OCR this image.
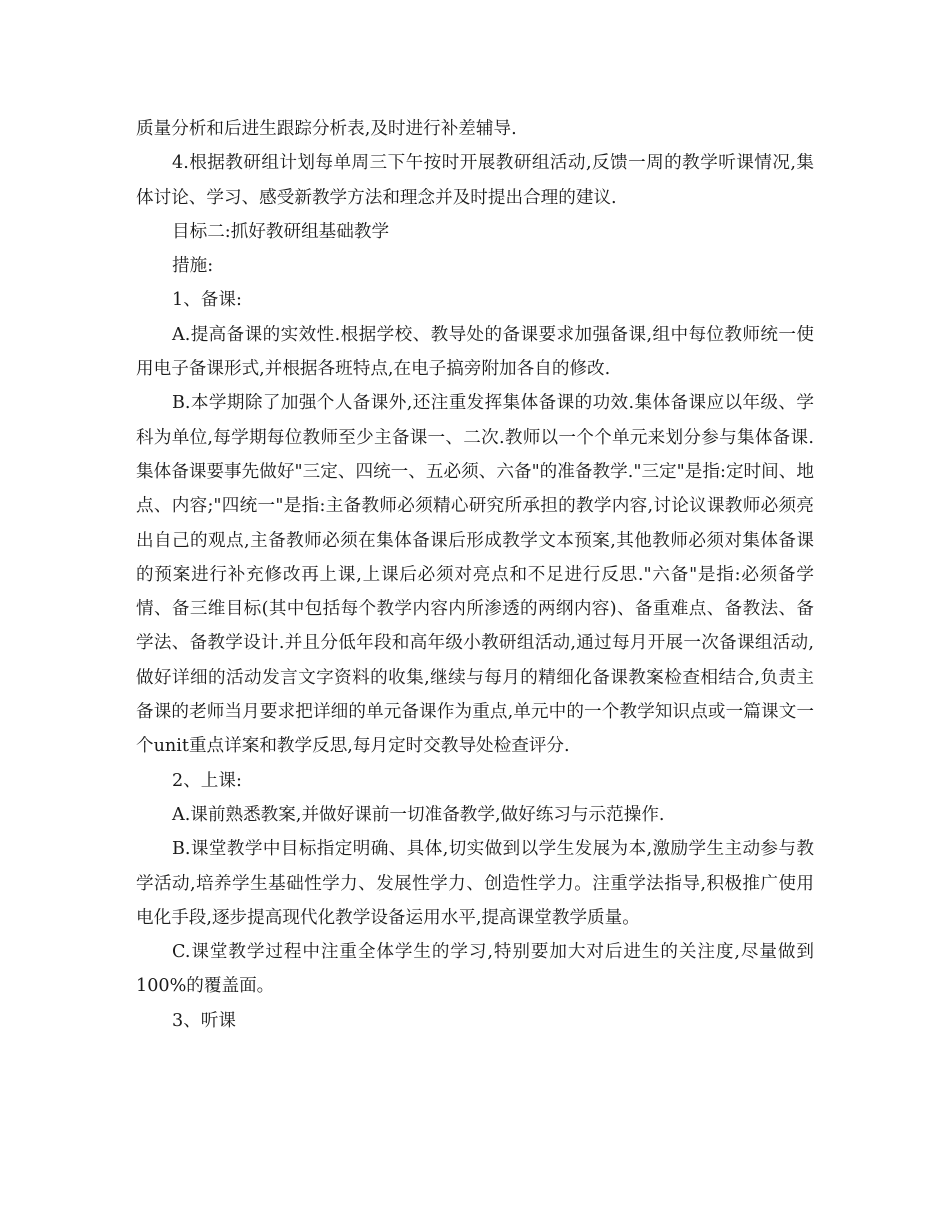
质量分析和后进生跟踪分析表,及时进行补差辅导.

4.根据教研组计划每单周三下午按时开展教研组活动,反馈一周的教学听课情况,集体讨论、学习、感受新教学方法和理念并及时提出合理的建议.

目标二:抓好教研组基础教学

措施:

1、备课:

A.提高备课的实效性.根据学校、教导处的备课要求加强备课,组中每位教师统一使用电子备课形式,并根据各班特点,在电子搞旁附加各自的修改.

B.本学期除了加强个人备课外,还注重发挥集体备课的功效.集体备课应以年级、学科为单位,每学期每位教师至少主备课一、二次.教师以一个个单元来划分参与集体备课.集体备课要事先做好"三定、四统一、五必须、六备"的准备教学."三定"是指:定时间、地点、内容;"四统一"是指:主备教师必须精心研究所承担的教学内容,讨论议课教师必须亮出自己的观点,主备教师必须在集体备课后形成教学文本预案,其他教师必须对集体备课的预案进行补充修改再上课,上课后必须对亮点和不足进行反思."六备"是指:必须备学情、备三维目标(其中包括每个教学内容内所渗透的两纲内容)、备重难点、备教法、备学法、备教学设计.并且分低年段和高年级小教研组活动,通过每月开展一次备课组活动,做好详细的活动发言文字资料的收集,继续与每月的精细化备课教案检查相结合,负责主备课的老师当月要求把详细的单元备课作为重点,单元中的一个教学知识点或一篇课文一个unit重点详案和教学反思,每月定时交教导处检查评分.

2、上课:

A.课前熟悉教案,并做好课前一切准备教学,做好练习与示范操作.

B.课堂教学中目标指定明确、具体,切实做到以学生发展为本,激励学生主动参与教学活动,培养学生基础性学力、发展性学力、创造性学力。注重学法指导,积极推广使用电化手段,逐步提高现代化教学设备运用水平,提高课堂教学质量。

C.课堂教学过程中注重全体学生的学习,特别要加大对后进生的关注度,尽量做到100%的覆盖面。

3、听课
